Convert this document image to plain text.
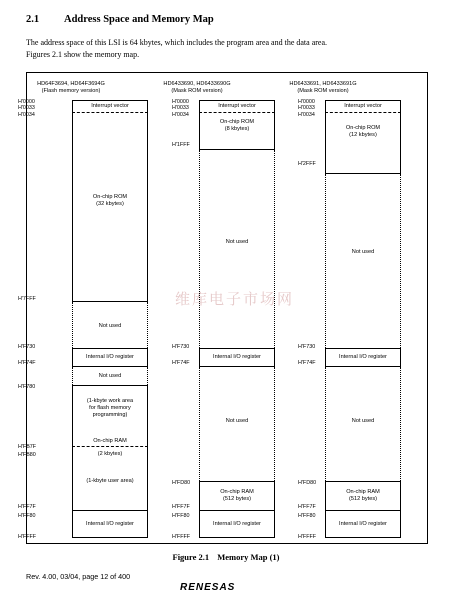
2.1 Address Space and Memory Map
The address space of this LSI is 64 kbytes, which includes the program area and the data area.
Figures 2.1 show the memory map.
维库电子市场网
HD64F3694, HD64F3694G
(Flash memory version)
H'0000
H'0033
H'0034
H'7FFF
H'F730
H'F74F
H'F780
H'FB7F
H'FB80
H'FF7F
H'FF80
H'FFFF
On-chip ROM
(32 kbytes)
Interrupt vector
Not used
Internal I/O register
Not used
(1-kbyte work area
for flash memory
programming)
On-chip RAM
(2 kbytes)
(1-kbyte user area)
Internal I/O register
HD6433690, HD6433690G
(Mask ROM version)
H'0000
H'0033
H'0034
H'1FFF
H'F730
H'F74F
H'FD80
H'FF7F
H'FF80
H'FFFF
On-chip ROM
(8 kbytes)
Interrupt vector
Not used
Internal I/O register
Not used
On-chip RAM
(512 bytes)
Internal I/O register
HD6433691, HD6433691G
(Mask ROM version)
H'0000
H'0033
H'0034
H'2FFF
H'F730
H'F74F
H'FD80
H'FF7F
H'FF80
H'FFFF
On-chip ROM
(12 kbytes)
Interrupt vector
Not used
Internal I/O register
Not used
On-chip RAM
(512 bytes)
Internal I/O register
Figure 2.1 Memory Map (1)
Rev. 4.00, 03/04, page 12 of 400
RENESAS
